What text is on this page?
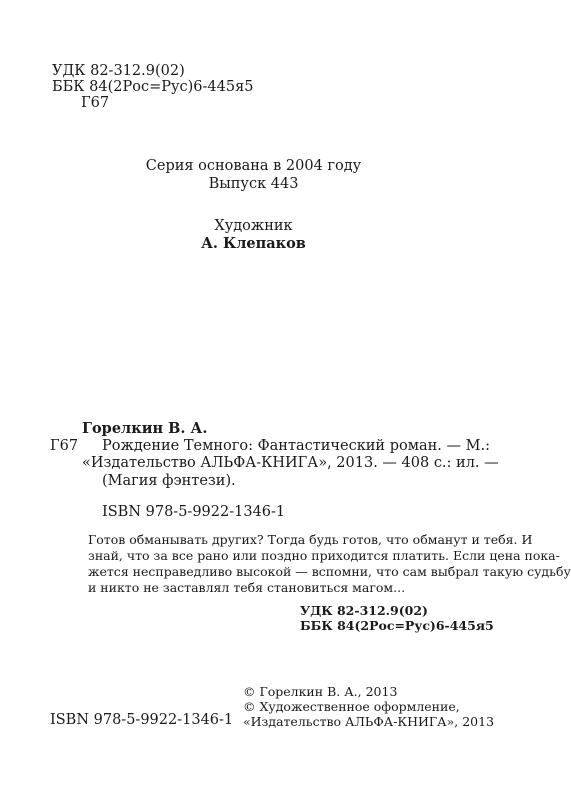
УДК 82-312.9(02)
ББК 84(2Рос=Рус)6-445я5
Г67
Серия основана в 2004 году
Выпуск 443
Художник
А. Клепаков
Горелкин В. А.
Г67 Рождение Темного: Фантастический роман. — М.:
«Издательство АЛЬФА-КНИГА», 2013. — 408 с.: ил. —
(Магия фэнтези).
ISBN 978-5-9922-1346-1
Готов обманывать других? Тогда будь готов, что обманут и тебя. И
знай, что за все рано или поздно приходится платить. Если цена пока-
жется несправедливо высокой — вспомни, что сам выбрал такую судьбу
и никто не заставлял тебя становиться магом...
УДК 82-312.9(02)
ББК 84(2Рос=Рус)6-445я5
© Горелкин В. А., 2013
© Художественное оформление,
«Издательство АЛЬФА-КНИГА», 2013
ISBN 978-5-9922-1346-1
